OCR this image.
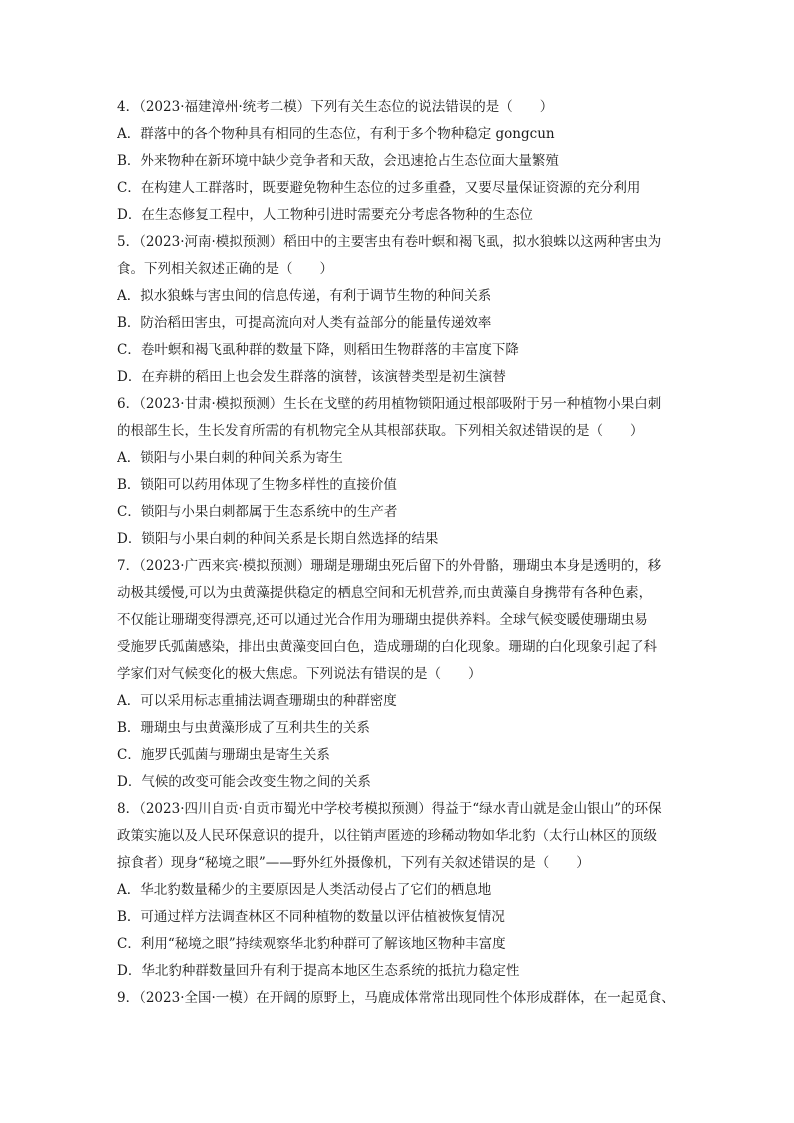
4．（2023·福建漳州·统考二模）下列有关生态位的说法错误的是（　　）
A．群落中的各个物种具有相同的生态位，有利于多个物种稳定 gongcun
B．外来物种在新环境中缺少竞争者和天敌，会迅速抢占生态位面大量繁殖
C．在构建人工群落时，既要避免物种生态位的过多重叠，又要尽量保证资源的充分利用
D．在生态修复工程中，人工物种引进时需要充分考虑各物种的生态位
5．（2023·河南·模拟预测）稻田中的主要害虫有卷叶螟和褐飞虱，拟水狼蛛以这两种害虫为
食。下列相关叙述正确的是（　　）
A．拟水狼蛛与害虫间的信息传递，有利于调节生物的种间关系
B．防治稻田害虫，可提高流向对人类有益部分的能量传递效率
C．卷叶螟和褐飞虱种群的数量下降，则稻田生物群落的丰富度下降
D．在弃耕的稻田上也会发生群落的演替，该演替类型是初生演替
6．（2023·甘肃·模拟预测）生长在戈壁的药用植物锁阳通过根部吸附于另一种植物小果白刺
的根部生长，生长发育所需的有机物完全从其根部获取。下列相关叙述错误的是（　　）
A．锁阳与小果白刺的种间关系为寄生
B．锁阳可以药用体现了生物多样性的直接价值
C．锁阳与小果白刺都属于生态系统中的生产者
D．锁阳与小果白刺的种间关系是长期自然选择的结果
7．（2023·广西来宾·模拟预测）珊瑚是珊瑚虫死后留下的外骨骼，珊瑚虫本身是透明的，移
动极其缓慢,可以为虫黄藻提供稳定的栖息空间和无机营养,而虫黄藻自身携带有各种色素，
不仅能让珊瑚变得漂亮,还可以通过光合作用为珊瑚虫提供养料。全球气候变暖使珊瑚虫易
受施罗氏弧菌感染，排出虫黄藻变回白色，造成珊瑚的白化现象。珊瑚的白化现象引起了科
学家们对气候变化的极大焦虑。下列说法有错误的是（　　）
A．可以采用标志重捕法调查珊瑚虫的种群密度
B．珊瑚虫与虫黄藻形成了互利共生的关系
C．施罗氏弧菌与珊瑚虫是寄生关系
D．气候的改变可能会改变生物之间的关系
8．（2023·四川自贡·自贡市蜀光中学校考模拟预测）得益于“绿水青山就是金山银山”的环保
政策实施以及人民环保意识的提升，以往销声匿迹的珍稀动物如华北豹（太行山林区的顶级
掠食者）现身“秘境之眼”——野外红外摄像机，下列有关叙述错误的是（　　）
A．华北豹数量稀少的主要原因是人类活动侵占了它们的栖息地
B．可通过样方法调查林区不同种植物的数量以评估植被恢复情况
C．利用“秘境之眼”持续观察华北豹种群可了解该地区物种丰富度
D．华北豹种群数量回升有利于提高本地区生态系统的抵抗力稳定性
9．（2023·全国·一模）在开阔的原野上，马鹿成体常常出现同性个体形成群体，在一起觅食、
